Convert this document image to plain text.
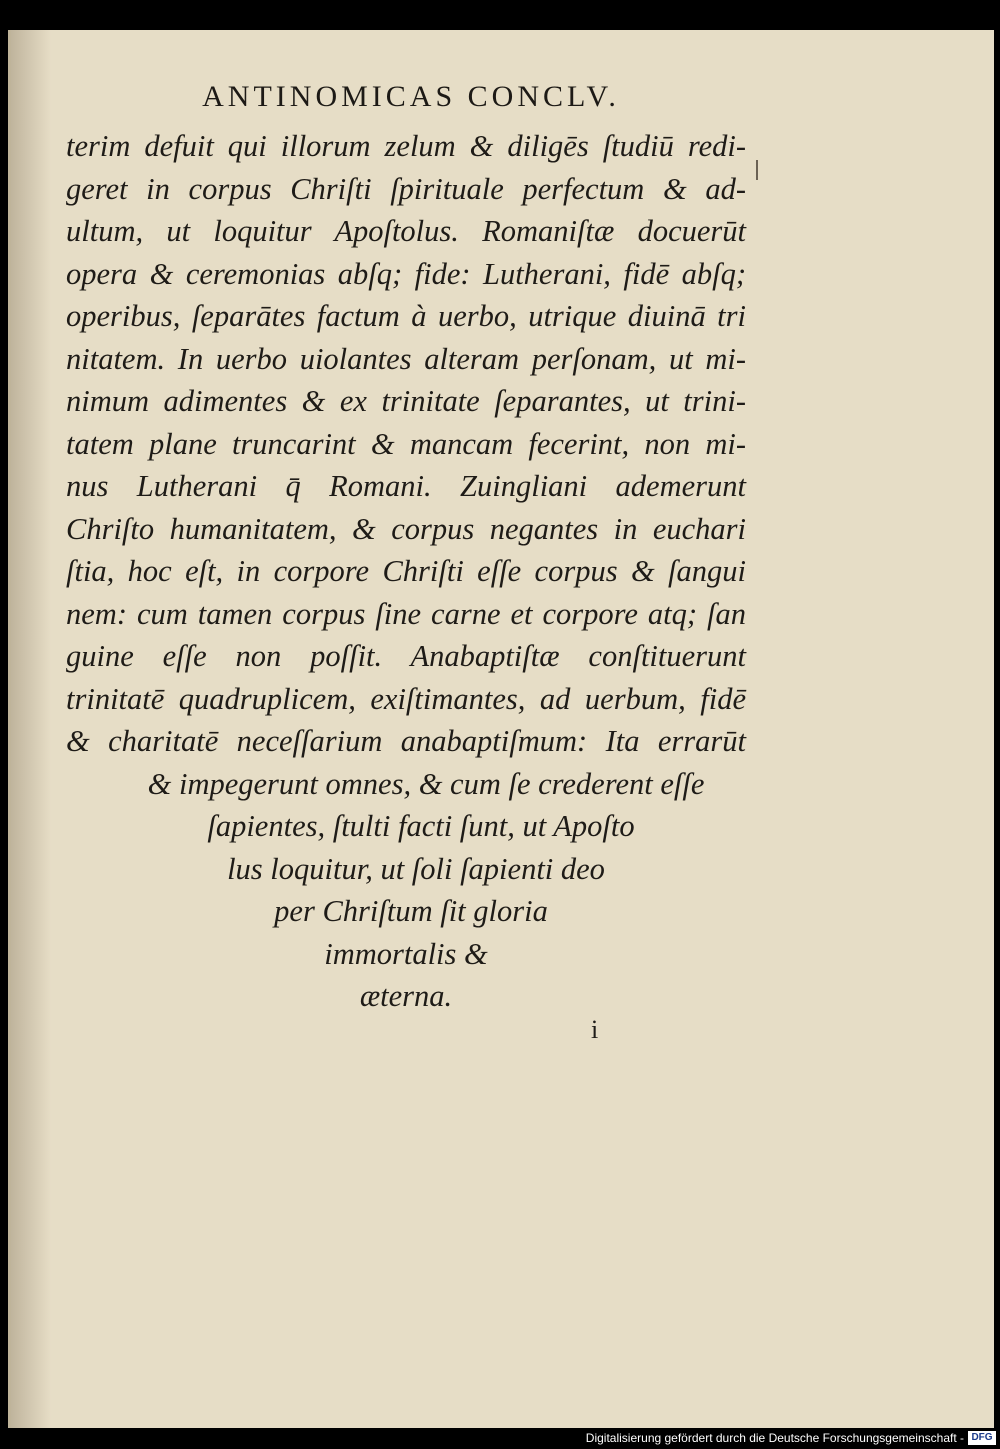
ANTINOMICAS CONCLV.
terim defuit qui illorum zelum & diligēs ſtudiū redi-
geret in corpus Chriſti ſpirituale perfectum & ad-
ultum, ut loquitur Apoſtolus. Romaniſtæ docuerūt
opera & ceremonias abſq; fide: Lutherani, fidē abſq;
operibus, ſeparātes factum à uerbo, utrique diuinā tri
nitatem. In uerbo uiolantes alteram perſonam, ut mi-
nimum adimentes & ex trinitate ſeparantes, ut trini-
tatem plane truncarint & mancam fecerint, non mi-
nus Lutherani q̄ Romani. Zuingliani ademerunt
Chriſto humanitatem, & corpus negantes in euchari
ſtia, hoc eſt, in corpore Chriſti eſſe corpus & ſangui
nem: cum tamen corpus ſine carne et corpore atq; ſan
guine eſſe non poſſit. Anabaptiſtæ conſtituerunt
trinitatē quadruplicem, exiſtimantes, ad uerbum, fidē
& charitatē neceſſarium anabaptiſmum: Ita errarūt
& impegerunt omnes, & cum ſe crederent eſſe
ſapientes, ſtulti facti ſunt, ut Apoſto
lus loquitur, ut ſoli ſapienti deo
per Chriſtum ſit gloria
immortalis &
æterna.
i
Digitalisierung gefördert durch die Deutsche Forschungsgemeinschaft - DFG
